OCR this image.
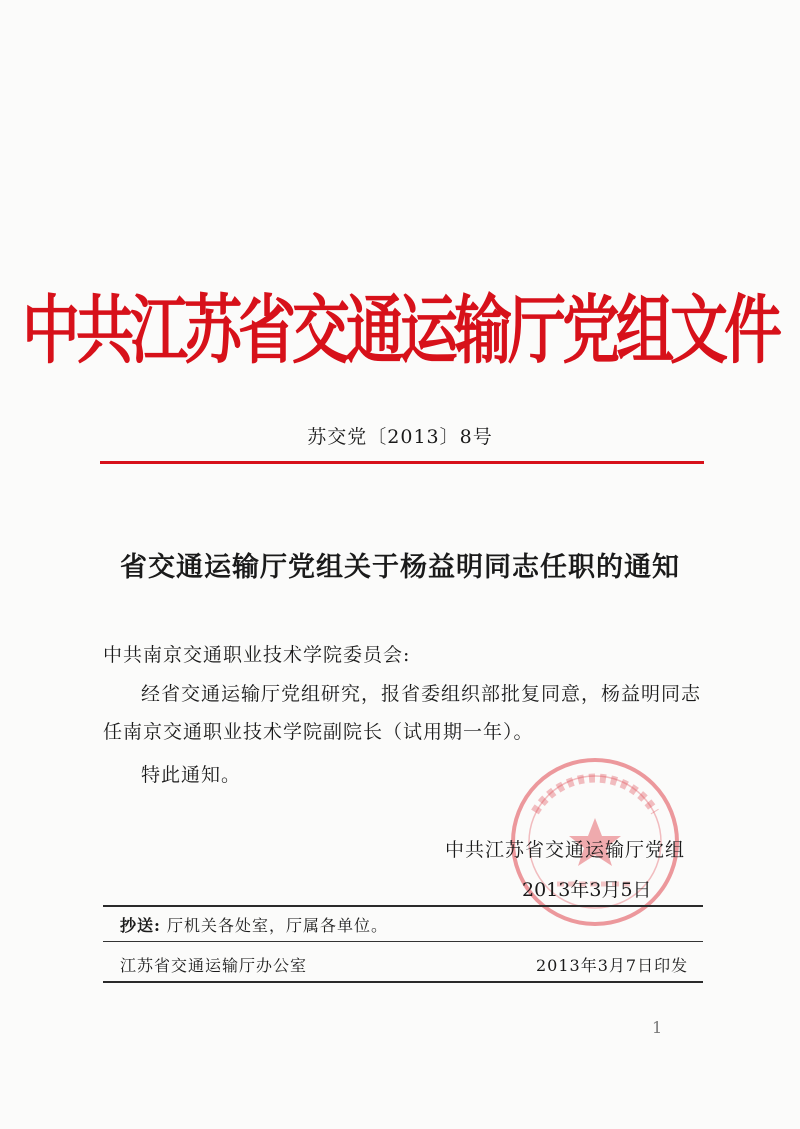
中共江苏省交通运输厅党组文件
苏交党〔2013〕8号
省交通运输厅党组关于杨益明同志任职的通知
中共南京交通职业技术学院委员会:

经省交通运输厅党组研究，报省委组织部批复同意，杨益明同志任南京交通职业技术学院副院长（试用期一年）。

特此通知。
中共江苏省交通运输厅党组
2013年3月5日
抄送: 厅机关各处室，厅属各单位。
江苏省交通运输厅办公室	2013年3月7日印发
1
